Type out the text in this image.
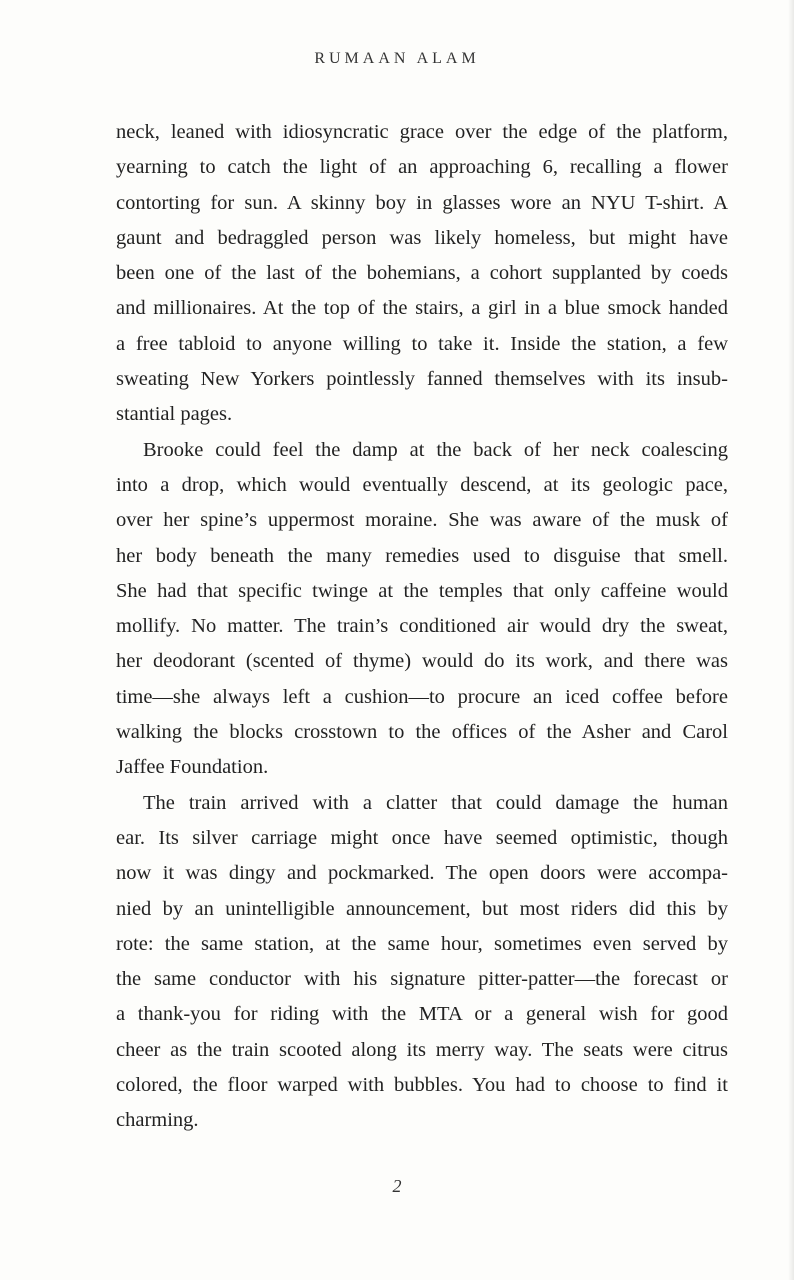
RUMAAN ALAM
neck, leaned with idiosyncratic grace over the edge of the platform,
yearning to catch the light of an approaching 6, recalling a flower
contorting for sun. A skinny boy in glasses wore an NYU T-shirt. A
gaunt and bedraggled person was likely homeless, but might have
been one of the last of the bohemians, a cohort supplanted by coeds
and millionaires. At the top of the stairs, a girl in a blue smock handed
a free tabloid to anyone willing to take it. Inside the station, a few
sweating New Yorkers pointlessly fanned themselves with its insub-
stantial pages.
Brooke could feel the damp at the back of her neck coalescing
into a drop, which would eventually descend, at its geologic pace,
over her spine’s uppermost moraine. She was aware of the musk of
her body beneath the many remedies used to disguise that smell.
She had that specific twinge at the temples that only caffeine would
mollify. No matter. The train’s conditioned air would dry the sweat,
her deodorant (scented of thyme) would do its work, and there was
time—she always left a cushion—to procure an iced coffee before
walking the blocks crosstown to the offices of the Asher and Carol
Jaffee Foundation.
The train arrived with a clatter that could damage the human
ear. Its silver carriage might once have seemed optimistic, though
now it was dingy and pockmarked. The open doors were accompa-
nied by an unintelligible announcement, but most riders did this by
rote: the same station, at the same hour, sometimes even served by
the same conductor with his signature pitter-patter—the forecast or
a thank-you for riding with the MTA or a general wish for good
cheer as the train scooted along its merry way. The seats were citrus
colored, the floor warped with bubbles. You had to choose to find it
charming.
2
